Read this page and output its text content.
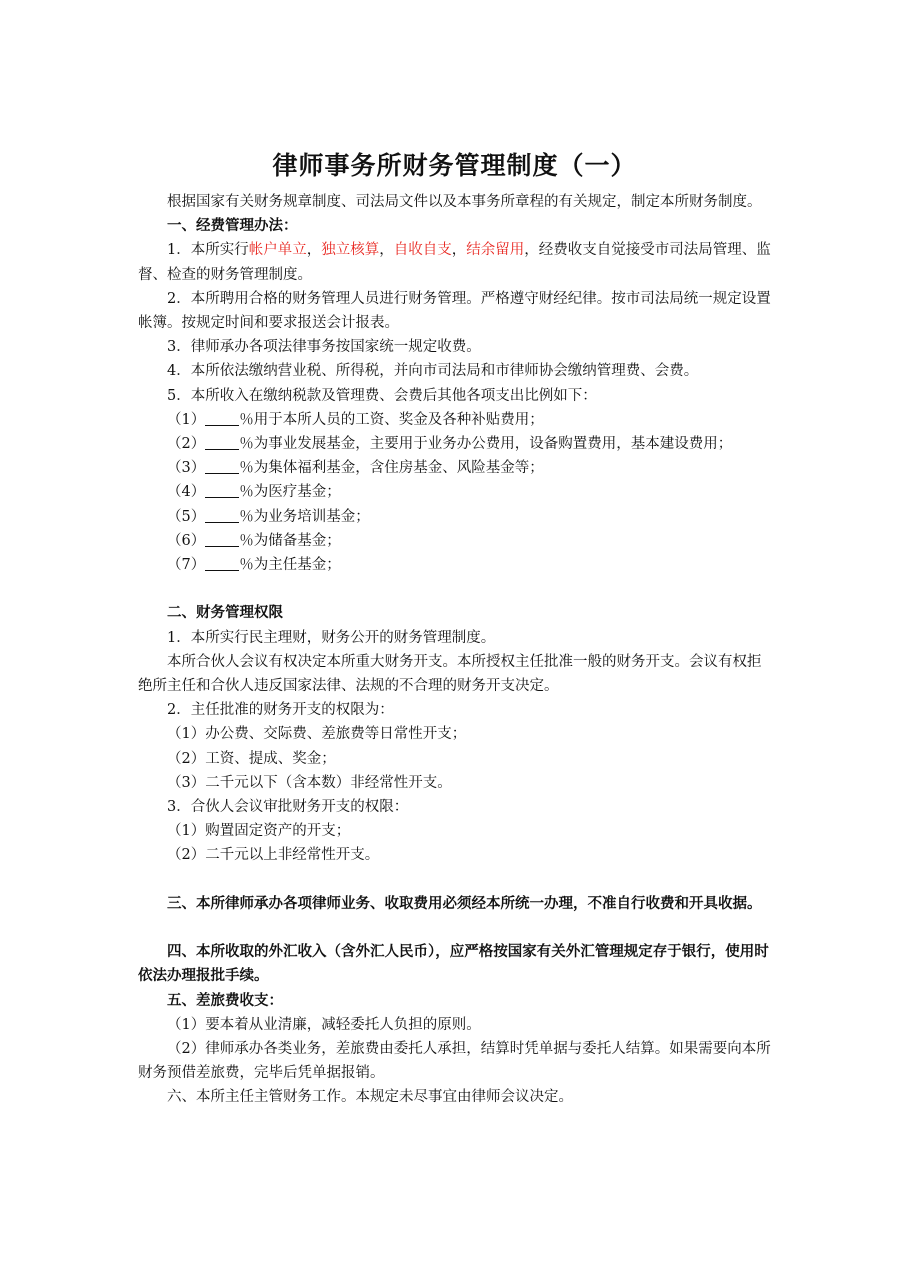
律师事务所财务管理制度（一）

根据国家有关财务规章制度、司法局文件以及本事务所章程的有关规定，制定本所财务制度。

一、经费管理办法：

1．本所实行帐户单立，独立核算，自收自支，结余留用，经费收支自觉接受市司法局管理、监督、检查的财务管理制度。

2．本所聘用合格的财务管理人员进行财务管理。严格遵守财经纪律。按市司法局统一规定设置帐簿。按规定时间和要求报送会计报表。

3．律师承办各项法律事务按国家统一规定收费。

4．本所依法缴纳营业税、所得税，并向市司法局和市律师协会缴纳管理费、会费。

5．本所收入在缴纳税款及管理费、会费后其他各项支出比例如下：

（1） ％用于本所人员的工资、奖金及各种补贴费用；

（2） ％为事业发展基金，主要用于业务办公费用，设备购置费用，基本建设费用；

（3） ％为集体福利基金，含住房基金、风险基金等；

（4） ％为医疗基金；

（5） ％为业务培训基金；

（6） ％为储备基金；

（7） ％为主任基金；

二、财务管理权限

1．本所实行民主理财，财务公开的财务管理制度。

本所合伙人会议有权决定本所重大财务开支。本所授权主任批准一般的财务开支。会议有权拒绝所主任和合伙人违反国家法律、法规的不合理的财务开支决定。

2．主任批准的财务开支的权限为：

（1）办公费、交际费、差旅费等日常性开支；

（2）工资、提成、奖金；

（3）二千元以下（含本数）非经常性开支。

3．合伙人会议审批财务开支的权限：

（1）购置固定资产的开支；

（2）二千元以上非经常性开支。

三、本所律师承办各项律师业务、收取费用必须经本所统一办理，不准自行收费和开具收据。

四、本所收取的外汇收入（含外汇人民币），应严格按国家有关外汇管理规定存于银行，使用时依法办理报批手续。

五、差旅费收支：

（1）要本着从业清廉，减轻委托人负担的原则。

（2）律师承办各类业务，差旅费由委托人承担，结算时凭单据与委托人结算。如果需要向本所财务预借差旅费，完毕后凭单据报销。

六、本所主任主管财务工作。本规定未尽事宜由律师会议决定。
